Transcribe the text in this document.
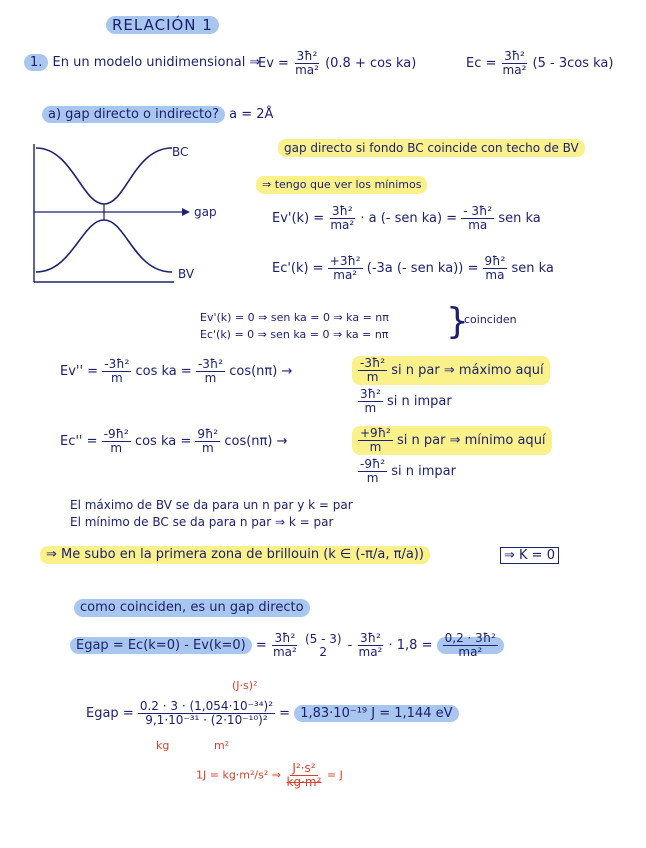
RELACIÓN 1
1. En un modelo unidimensional ⇒
$Ev = \frac{\text{3ħ²}}{\text{ma²}} (0.8 + \cos ka)$	$Ec = \frac{\text{3ħ²}}{\text{ma²}} (5 - 3\cos$ ka)
a) gap directo o indirecto? a = 2Å
BC
BV
gap
gap directo si fondo BC coincide con techo de BV
⇒ tengo que ver los mínimos
$Ev'(k) = \frac{\text{3ħ²}}{\text{ma²}} \cdot a$ (- sen $ka) = \frac{\text{- 3ħ²}}{ma}$ sen ka
$Ec'(k) = \frac{\text{+3ħ²}}{\text{ma²}} (-3a$ (- sen $ka)) = \frac{\text{9ħ²}}{ma}$ sen ka
Ev'(k) = 0 ⇒ sen ka = 0 ⇒ ka = nπ
Ec'(k) = 0 ⇒ sen ka = 0 ⇒ ka = nπ }
coinciden
$Ev'' = \frac{\text{-3ħ²}}{m}$ cos ka = $\frac{\text{-3ħ²}}{m} \cos(n\pi)$ →	$\frac{\text{-3ħ²}}{m}$ si n par ⇒ máximo aquí
$\frac{\text{3ħ²}}{m}$ si n impar
$Ec'' = \frac{\text{-9ħ²}}{m}$ cos ka = $\frac{\text{9ħ²}}{m} \cos(n\pi)$ →	$\frac{\text{+9ħ²}}{m}$ si n par ⇒ mínimo aquí
$\frac{\text{-9ħ²}}{m}$ si n impar
El máximo de BV se da para un n par y k = par
El mínimo de BC se da para n par ⇒ k = par
⇒ Me subo en la primera zona de brillouin (k ∈ (-π/a, π/a))	⇒ K = 0
como coinciden, es un gap directo
Egap = $Ec(k=0) - Ev(k=0) = \frac{\text{3ħ²}}{\text{ma²}}$
(5 - 3)
$2 - \frac{\text{3ħ²}}{\text{ma²}} \cdot 1,8 = \frac{\text{0,2 · 3ħ²}}{\text{ma²}}$
(J·s)²
Egap = $\frac{\text{0.2 · 3 · (1,054·10⁻³⁴)²}}{\text{9,1·10⁻³¹ · (2·10⁻¹⁰)²}} = 1,83\cdot 10^{-19}$ J = 1,144 eV
kg	m²
1J = kg·m²/s² ⇒ $\frac{\text{J²·s²}}{\text{kg·m²}} = J$
